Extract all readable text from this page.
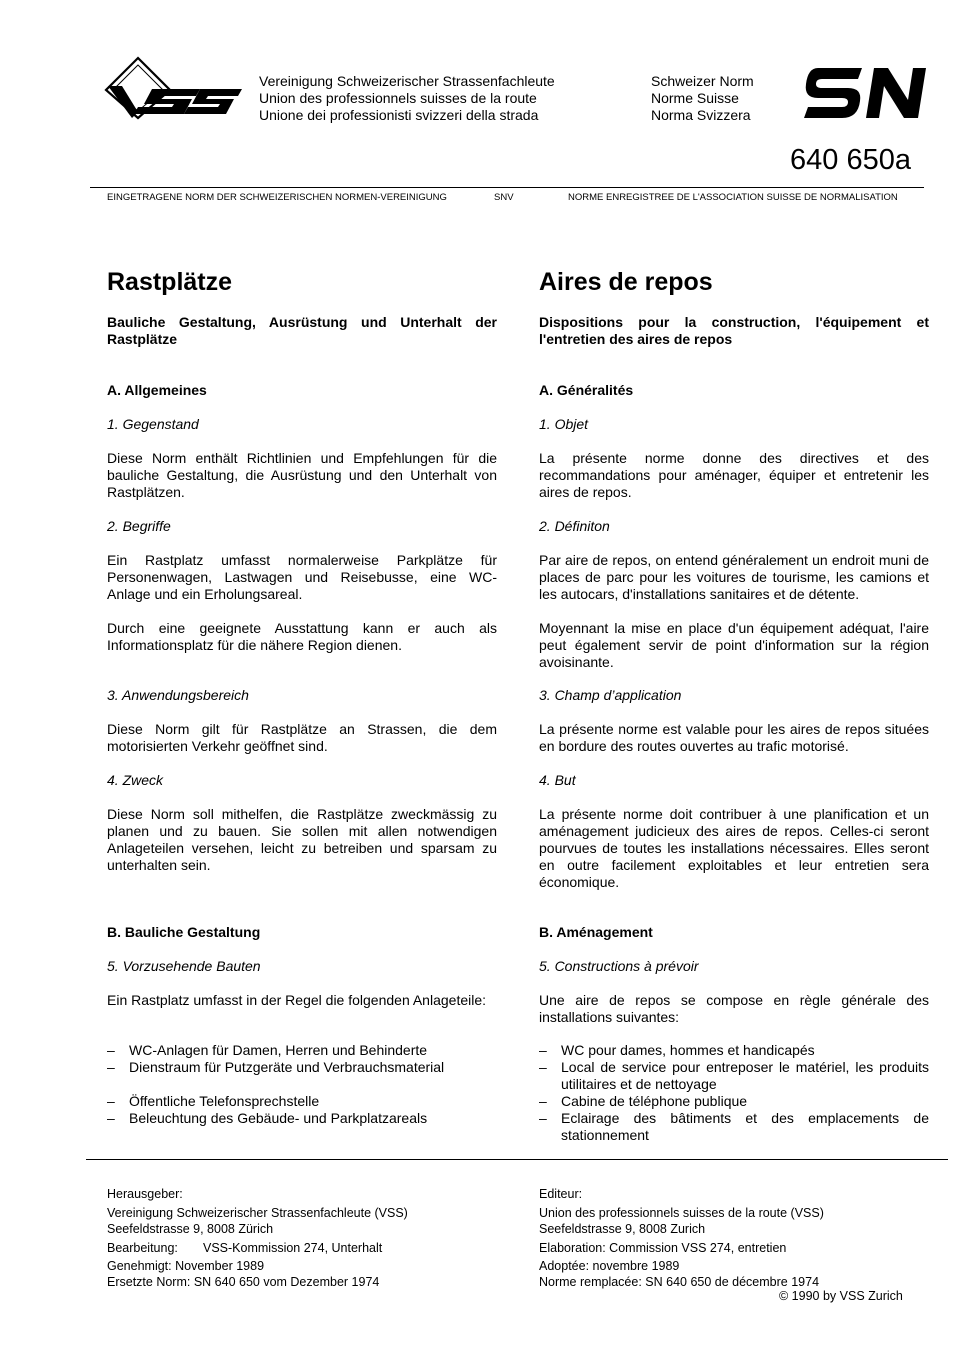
Vereinigung Schweizerischer Strassenfachleute
Union des professionnels suisses de la route
Unione dei professionisti svizzeri della strada
Schweizer Norm
Norme Suisse
Norma Svizzera
640 650a
EINGETRAGENE NORM DER SCHWEIZERISCHEN NORMEN-VEREINIGUNG	SNV	NORME ENREGISTREE DE L'ASSOCIATION SUISSE DE NORMALISATION
Rastplätze
Bauliche Gestaltung, Ausrüstung und Unterhalt der Rastplätze
A. Allgemeines
1. Gegenstand
Diese Norm enthält Richtlinien und Empfehlungen für die bauliche Gestaltung, die Ausrüstung und den Unterhalt von Rastplätzen.
2. Begriffe
Ein Rastplatz umfasst normalerweise Parkplätze für Personenwagen, Lastwagen und Reisebusse, eine WC-Anlage und ein Erholungsareal.
Durch eine geeignete Ausstattung kann er auch als Informationsplatz für die nähere Region dienen.
3. Anwendungsbereich
Diese Norm gilt für Rastplätze an Strassen, die dem motorisierten Verkehr geöffnet sind.
4. Zweck
Diese Norm soll mithelfen, die Rastplätze zweckmässig zu planen und zu bauen. Sie sollen mit allen notwendigen Anlageteilen versehen, leicht zu betreiben und sparsam zu unterhalten sein.
B. Bauliche Gestaltung
5. Vorzusehende Bauten
Ein Rastplatz umfasst in der Regel die folgenden Anlageteile:
– WC-Anlagen für Damen, Herren und Behinderte
– Dienstraum für Putzgeräte und Verbrauchsmaterial
– Öffentliche Telefonsprechstelle
– Beleuchtung des Gebäude- und Parkplatzareals
Aires de repos
Dispositions pour la construction, l'équipement et l'entretien des aires de repos
A. Généralités
1. Objet
La présente norme donne des directives et des recommandations pour aménager, équiper et entretenir les aires de repos.
2. Définiton
Par aire de repos, on entend généralement un endroit muni de places de parc pour les voitures de tourisme, les camions et les autocars, d'installations sanitaires et de détente.
Moyennant la mise en place d'un équipement adéquat, l'aire peut également servir de point d'information sur la région avoisinante.
3. Champ d’application
La présente norme est valable pour les aires de repos situées en bordure des routes ouvertes au trafic motorisé.
4. But
La présente norme doit contribuer à une planification et un aménagement judicieux des aires de repos. Celles-ci seront pourvues de toutes les installations nécessaires. Elles seront en outre facilement exploitables et leur entretien sera économique.
B. Aménagement
5. Constructions à prévoir
Une aire de repos se compose en règle générale des installations suivantes:
– WC pour dames, hommes et handicapés
– Local de service pour entreposer le matériel, les produits utilitaires et de nettoyage
– Cabine de téléphone publique
– Eclairage des bâtiments et des emplacements de stationnement
Herausgeber:
Vereinigung Schweizerischer Strassenfachleute (VSS)
Seefeldstrasse 9, 8008 Zürich
Bearbeitung: VSS-Kommission 274, Unterhalt
Genehmigt: November 1989
Ersetzte Norm: SN 640 650 vom Dezember 1974
Editeur:
Union des professionnels suisses de la route (VSS)
Seefeldstrasse 9, 8008 Zurich
Elaboration: Commission VSS 274, entretien
Adoptée: novembre 1989
Norme remplacée: SN 640 650 de décembre 1974
© 1990 by VSS Zurich
